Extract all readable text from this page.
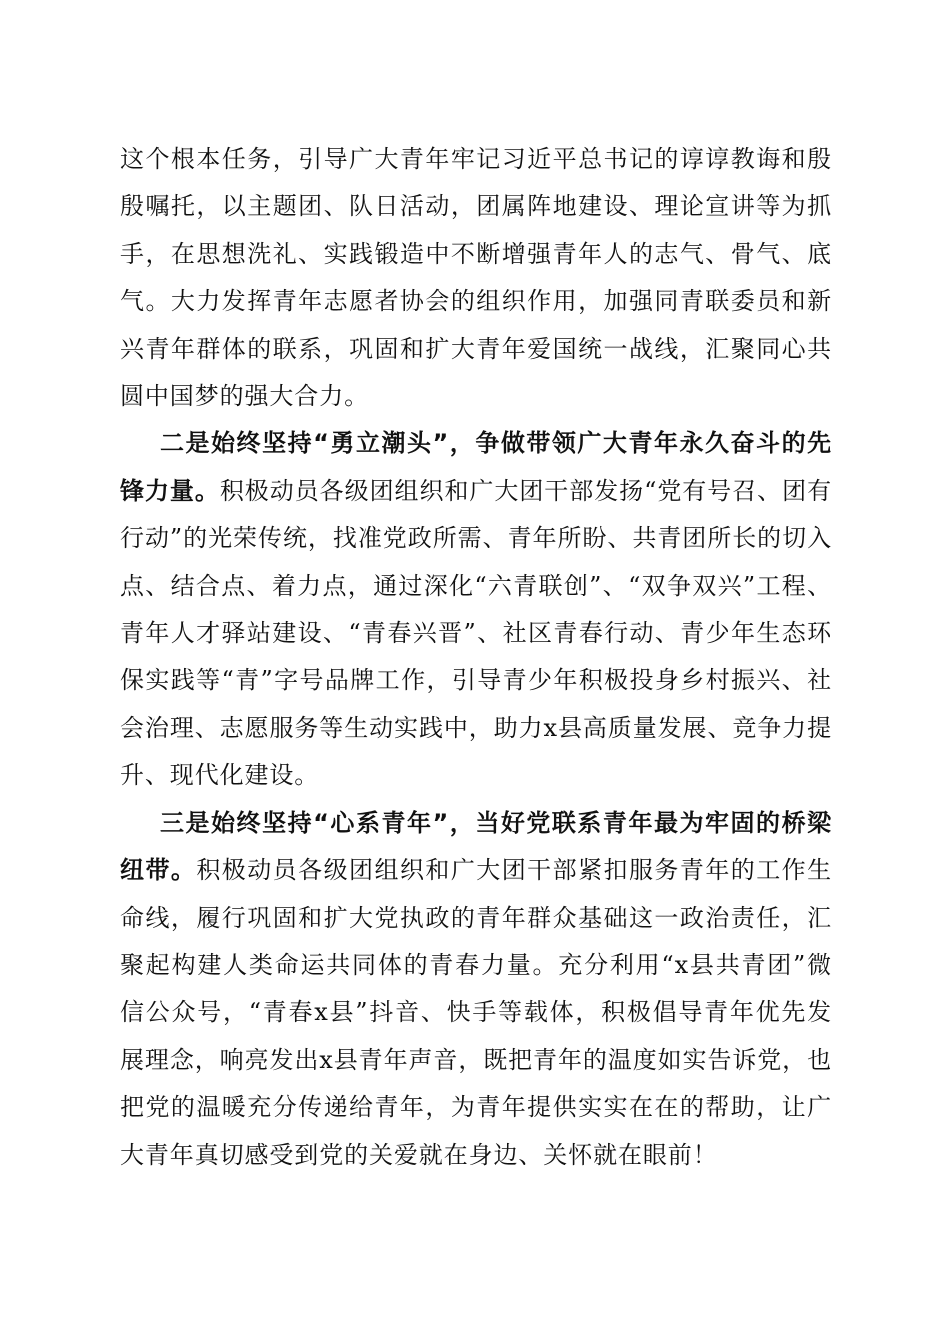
这个根本任务，引导广大青年牢记习近平总书记的谆谆教诲和殷殷嘱托，以主题团、队日活动，团属阵地建设、理论宣讲等为抓手，在思想洗礼、实践锻造中不断增强青年人的志气、骨气、底气。大力发挥青年志愿者协会的组织作用，加强同青联委员和新兴青年群体的联系，巩固和扩大青年爱国统一战线，汇聚同心共圆中国梦的强大合力。

二是始终坚持“勇立潮头”，争做带领广大青年永久奋斗的先锋力量。积极动员各级团组织和广大团干部发扬“党有号召、团有行动”的光荣传统，找准党政所需、青年所盼、共青团所长的切入点、结合点、着力点，通过深化“六青联创”、“双争双兴”工程、青年人才驿站建设、“青春兴晋”、社区青春行动、青少年生态环保实践等“青”字号品牌工作，引导青少年积极投身乡村振兴、社会治理、志愿服务等生动实践中，助力x县高质量发展、竞争力提升、现代化建设。

三是始终坚持“心系青年”，当好党联系青年最为牢固的桥梁纽带。积极动员各级团组织和广大团干部紧扣服务青年的工作生命线，履行巩固和扩大党执政的青年群众基础这一政治责任，汇聚起构建人类命运共同体的青春力量。充分利用“x县共青团”微信公众号，“青春x县”抖音、快手等载体，积极倡导青年优先发展理念，响亮发出x县青年声音，既把青年的温度如实告诉党，也把党的温暖充分传递给青年，为青年提供实实在在的帮助，让广大青年真切感受到党的关爱就在身边、关怀就在眼前！
